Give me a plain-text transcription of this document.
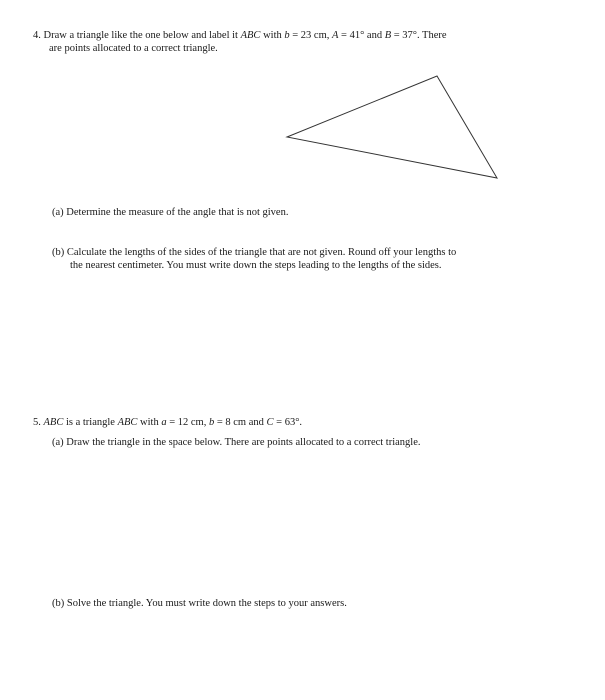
4. Draw a triangle like the one below and label it ABC with b = 23 cm, A = 41° and B = 37°. There
are points allocated to a correct triangle.
(a) Determine the measure of the angle that is not given.
(b) Calculate the lengths of the sides of the triangle that are not given. Round off your lengths to
the nearest centimeter. You must write down the steps leading to the lengths of the sides.
5. ABC is a triangle ABC with a = 12 cm, b = 8 cm and C = 63°.
(a) Draw the triangle in the space below. There are points allocated to a correct triangle.
(b) Solve the triangle. You must write down the steps to your answers.
